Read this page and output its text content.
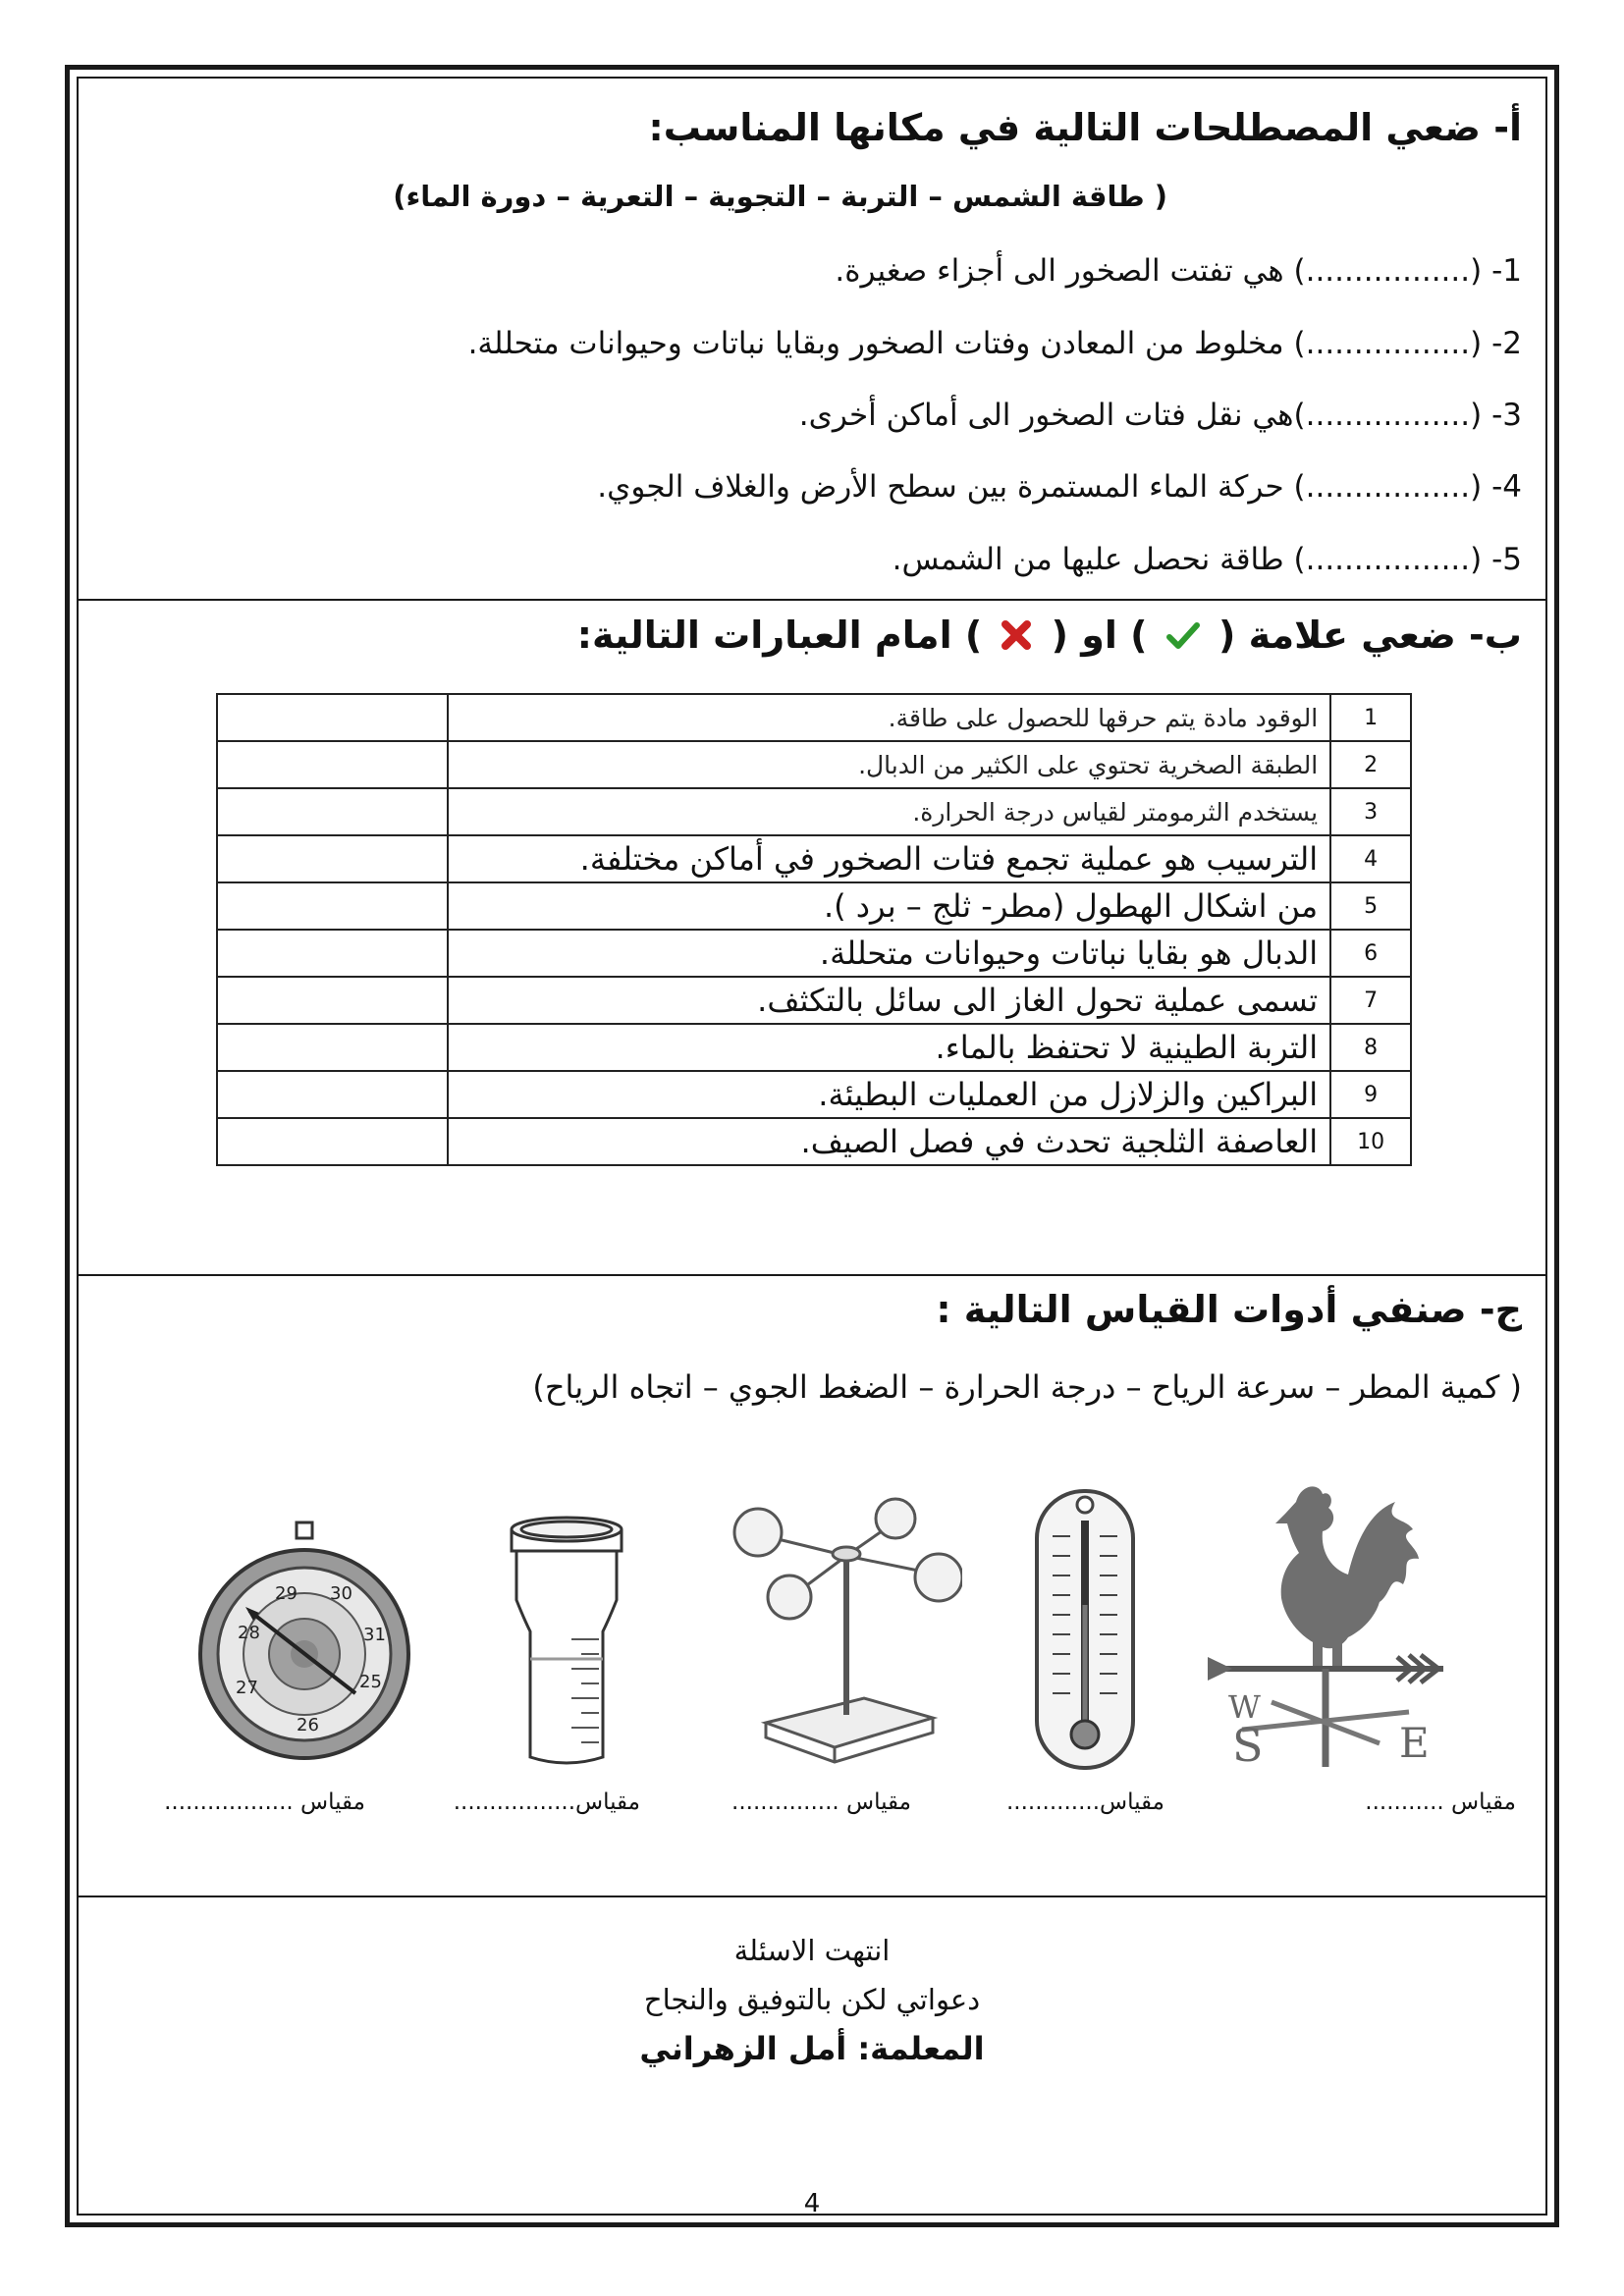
أ- ضعي المصطلحات التالية في مكانها المناسب:
( طاقة الشمس – التربة – التجوية – التعرية – دورة الماء)
1- (.................) هي تفتت الصخور الى أجزاء صغيرة.
2- (.................) مخلوط من المعادن وفتات الصخور وبقايا نباتات وحيوانات متحللة.
3- (.................)هي نقل فتات الصخور الى أماكن أخرى.
4- (.................) حركة الماء المستمرة بين سطح الأرض والغلاف الجوي.
5- (.................) طاقة نحصل عليها من الشمس.
ب- ضعي علامة (  ) او (  ) امام العبارات التالية:
1	الوقود مادة يتم حرقها للحصول على طاقة.	
2	الطبقة الصخرية تحتوي على الكثير من الدبال.	
3	يستخدم الثرمومتر لقياس درجة الحرارة.	
4	الترسيب هو عملية تجمع فتات الصخور في أماكن مختلفة.	
5	من اشكال الهطول (مطر- ثلج – برد ).	
6	الدبال هو بقايا نباتات وحيوانات متحللة.	
7	تسمى عملية تحول الغاز الى سائل بالتكثف.	
8	التربة الطينية لا تحتفظ بالماء.	
9	البراكين والزلازل من العمليات البطيئة.	
10	العاصفة الثلجية تحدث في فصل الصيف.	
ج- صنفي أدوات القياس التالية :
( كمية المطر – سرعة الرياح – درجة الحرارة – الضغط الجوي – اتجاه الرياح)
W
S	E
25
26
27
28
29 30
31
مقياس ...........
مقياس.............
مقياس ...............
مقياس.................
مقياس ..................
انتهت الاسئلة
دعواتي لكن بالتوفيق والنجاح
المعلمة: أمل الزهراني
4
